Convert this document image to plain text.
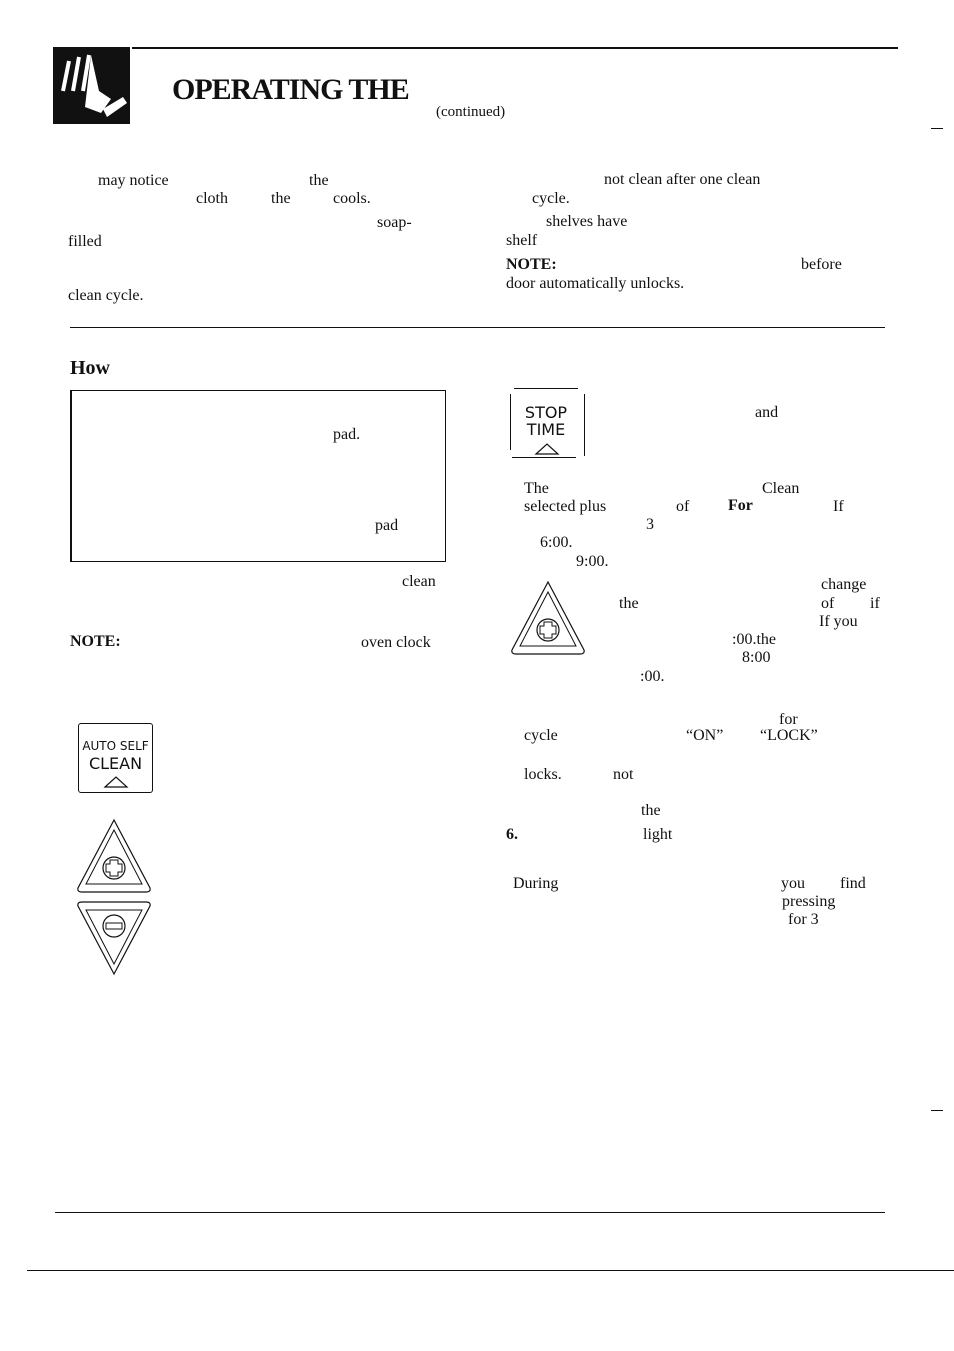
OPERATING THE
(continued)
may notice	the
cloth	the	cools.
soap-
filled
clean cycle.
not clean after one clean
cycle.
shelves have
shelf
NOTE:	before
door automatically unlocks.
How
pad.
pad
clean
NOTE:	oven clock
AUTO SELF
CLEAN
STOP
TIME
and
The	Clean
selected plus	of For	If
3
6:00.
9:00.
change
the	of if
If you
:00.the
8:00
:00.
for
cycle	“ON” “LOCK”
locks.	not
the
6.	light
During	you find
pressing
for 3
